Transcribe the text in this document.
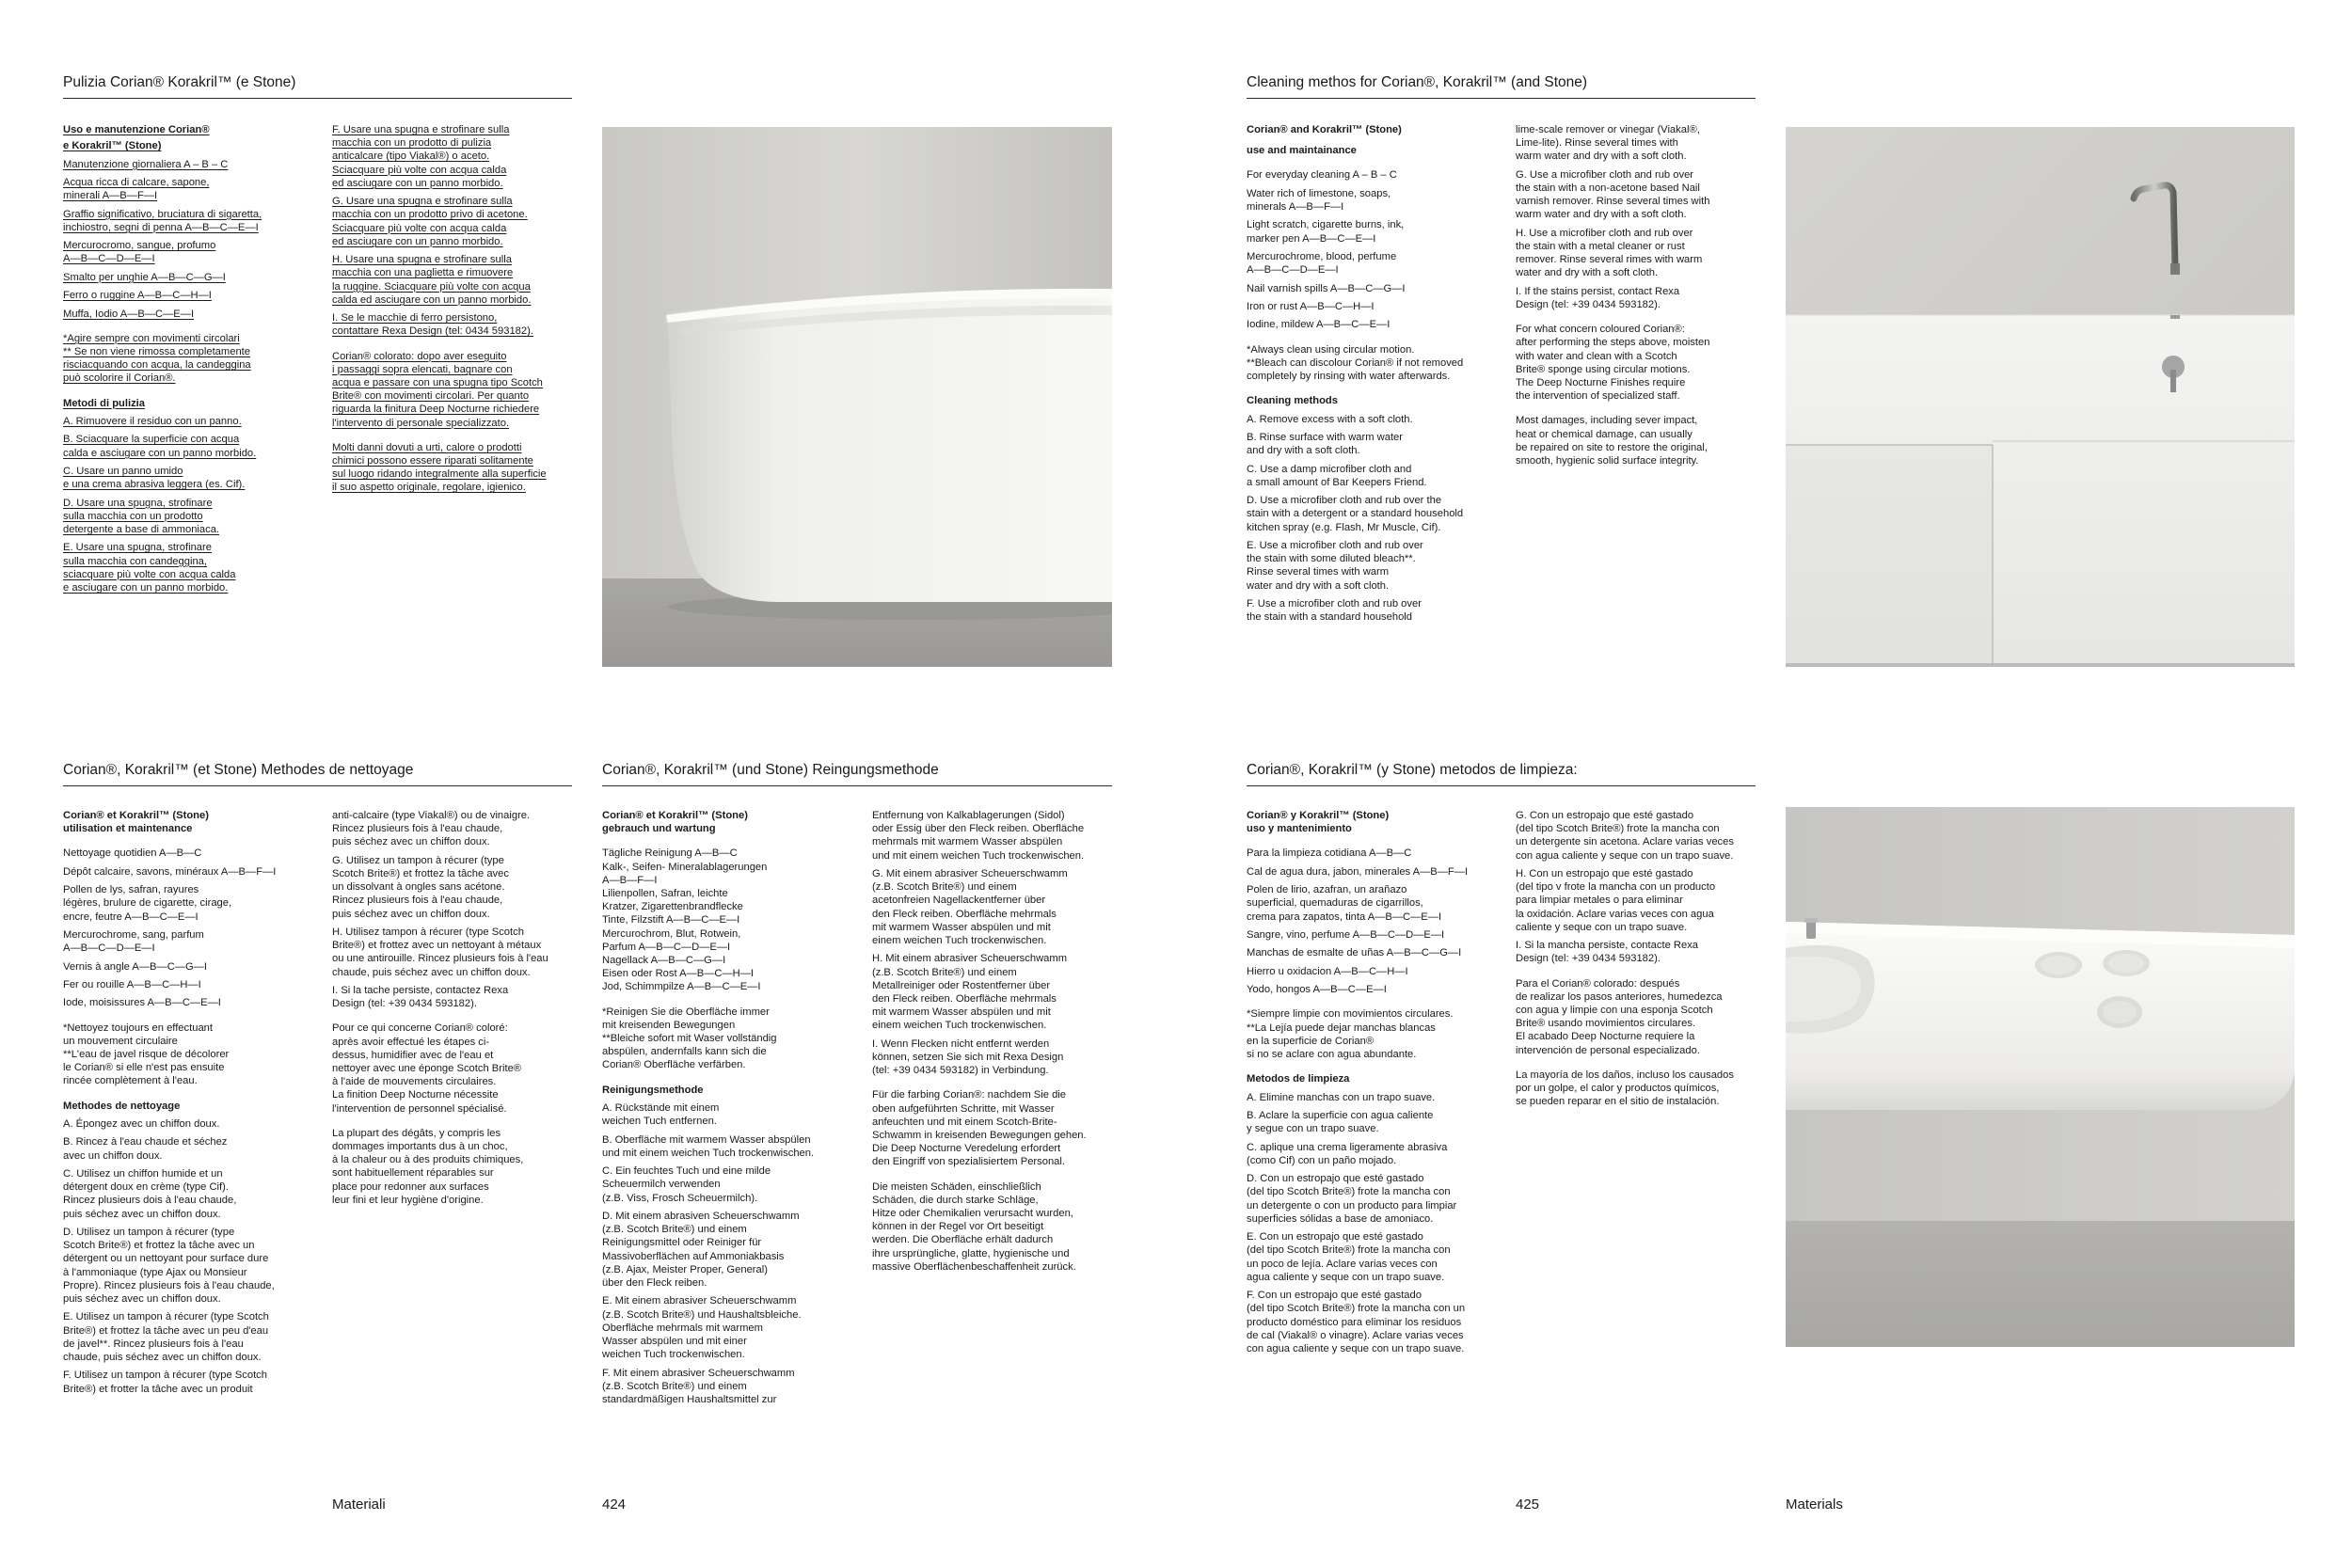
Pulizia Corian® Korakril™ (e Stone)

Uso e manutenzione Corian®

e Korakril™ (Stone)

Manutenzione giornaliera A – B – C

Acqua ricca di calcare, sapone,
minerali A—B—F—I

Graffio significativo, bruciatura di sigaretta,
inchiostro, segni di penna A—B—C—E—I

Mercurocromo, sangue, profumo
A—B—C—D—E—I

Smalto per unghie A—B—C—G—I

Ferro o ruggine A—B—C—H—I

Muffa, Iodio A—B—C—E—I

*Agire sempre con movimenti circolari
** Se non viene rimossa completamente
risciacquando con acqua, la candeggina
può scolorire il Corian®.

Metodi di pulizia

A. Rimuovere il residuo con un panno.

B. Sciacquare la superficie con acqua
calda e asciugare con un panno morbido.

C. Usare un panno umido
e una crema abrasiva leggera (es. Cif).

D. Usare una spugna, strofinare
sulla macchia con un prodotto
detergente a base di ammoniaca.

E. Usare una spugna, strofinare
sulla macchia con candeggina,
sciacquare più volte con acqua calda
e asciugare con un panno morbido.

F. Usare una spugna e strofinare sulla
macchia con un prodotto di pulizia
anticalcare (tipo Viakal®) o aceto.
Sciacquare più volte con acqua calda
ed asciugare con un panno morbido.

G. Usare una spugna e strofinare sulla
macchia con un prodotto privo di acetone.
Sciacquare più volte con acqua calda
ed asciugare con un panno morbido.

H. Usare una spugna e strofinare sulla
macchia con una paglietta e rimuovere
la ruggine. Sciacquare più volte con acqua
calda ed asciugare con un panno morbido.

I. Se le macchie di ferro persistono,
contattare Rexa Design (tel: 0434 593182).

Corian® colorato: dopo aver eseguito
i passaggi sopra elencati, bagnare con
acqua e passare con una spugna tipo Scotch
Brite® con movimenti circolari. Per quanto
riguarda la finitura Deep Nocturne richiedere
l'intervento di personale specializzato.

Molti danni dovuti a urti, calore o prodotti
chimici possono essere riparati solitamente
sul luogo ridando integralmente alla superficie
il suo aspetto originale, regolare, igienico.

Corian®, Korakril™ (et Stone) Methodes de nettoyage

Corian® et Korakril™ (Stone)
utilisation et maintenance

Nettoyage quotidien A—B—C

Dépôt calcaire, savons, minéraux A—B—F—I

Pollen de lys, safran, rayures
légères, brulure de cigarette, cirage,
encre, feutre A—B—C—E—I

Mercurochrome, sang, parfum
A—B—C—D—E—I

Vernis à angle A—B—C—G—I

Fer ou rouille A—B—C—H—I

Iode, moisissures A—B—C—E—I

*Nettoyez toujours en effectuant
un mouvement circulaire
**L'eau de javel risque de décolorer
le Corian® si elle n'est pas ensuite
rincée complètement à l'eau.

Methodes de nettoyage

A. Épongez avec un chiffon doux.

B. Rincez à l'eau chaude et séchez
avec un chiffon doux.

C. Utilisez un chiffon humide et un
détergent doux en crème (type Cif).
Rincez plusieurs dois à l'eau chaude,
puis séchez avec un chiffon doux.

D. Utilisez un tampon à récurer (type
Scotch Brite®) et frottez la tâche avec un
détergent ou un nettoyant pour surface dure
à l'ammoniaque (type Ajax ou Monsieur
Propre). Rincez plusieurs fois à l'eau chaude,
puis séchez avec un chiffon doux.

E. Utilisez un tampon à récurer (type Scotch
Brite®) et frottez la tâche avec un peu d'eau
de javel**. Rincez plusieurs fois à l'eau
chaude, puis séchez avec un chiffon doux.

F. Utilisez un tampon à récurer (type Scotch
Brite®) et frotter la tâche avec un produit

anti-calcaire (type Viakal®) ou de vinaigre.
Rincez plusieurs fois à l'eau chaude,
puis séchez avec un chiffon doux.

G. Utilisez un tampon à récurer (type
Scotch Brite®) et frottez la tâche avec
un dissolvant à ongles sans acétone.
Rincez plusieurs fois à l'eau chaude,
puis séchez avec un chiffon doux.

H. Utilisez tampon à récurer (type Scotch
Brite®) et frottez avec un nettoyant à métaux
ou une antirouille. Rincez plusieurs fois à l'eau
chaude, puis séchez avec un chiffon doux.

I. Si la tache persiste, contactez Rexa
Design (tel: +39 0434 593182).

Pour ce qui concerne Corian® coloré:
après avoir effectué les étapes ci-
dessus, humidifier avec de l'eau et
nettoyer avec une éponge Scotch Brite®
à l'aide de mouvements circulaires.
La finition Deep Nocturne nécessite
l'intervention de personnel spécialisé.

La plupart des dégâts, y compris les
dommages importants dus à un choc,
à la chaleur ou à des produits chimiques,
sont habituellement réparables sur
place pour redonner aux surfaces
leur fini et leur hygiène d'origine.

Corian®, Korakril™ (und Stone) Reingungsmethode

Corian® et Korakril™ (Stone)
gebrauch und wartung

Tägliche Reinigung A—B—C
Kalk-, Seifen- Mineralablagerungen
A—B—F—I
Lilienpollen, Safran, leichte
Kratzer, Zigarettenbrandflecke
Tinte, Filzstift A—B—C—E—I
Mercurochrom, Blut, Rotwein,
Parfum A—B—C—D—E—I
Nagellack A—B—C—G—I
Eisen oder Rost A—B—C—H—I
Jod, Schimmpilze A—B—C—E—I

*Reinigen Sie die Oberfläche immer
mit kreisenden Bewegungen
**Bleiche sofort mit Waser vollständig
abspülen, andernfalls kann sich die
Corian® Oberfläche verfärben.

Reinigungsmethode

A. Rückstände mit einem
weichen Tuch entfernen.

B. Oberfläche mit warmem Wasser abspülen
und mit einem weichen Tuch trockenwischen.

C. Ein feuchtes Tuch und eine milde
Scheuermilch verwenden
(z.B. Viss, Frosch Scheuermilch).

D. Mit einem abrasiven Scheuerschwamm
(z.B. Scotch Brite®) und einem
Reinigungsmittel oder Reiniger für
Massivoberflächen auf Ammoniakbasis
(z.B. Ajax, Meister Proper, General)
über den Fleck reiben.

E. Mit einem abrasiver Scheuerschwamm
(z.B. Scotch Brite®) und Haushaltsbleiche.
Oberfläche mehrmals mit warmem
Wasser abspülen und mit einer
weichen Tuch trockenwischen.

F. Mit einem abrasiver Scheuerschwamm
(z.B. Scotch Brite®) und einem
standardmäßigen Haushaltsmittel zur

Entfernung von Kalkablagerungen (Sidol)
oder Essig über den Fleck reiben. Oberfläche
mehrmals mit warmem Wasser abspülen
und mit einem weichen Tuch trockenwischen.

G. Mit einem abrasiver Scheuerschwamm
(z.B. Scotch Brite®) und einem
acetonfreien Nagellackentferner über
den Fleck reiben. Oberfläche mehrmals
mit warmem Wasser abspülen und mit
einem weichen Tuch trockenwischen.

H. Mit einem abrasiver Scheuerschwamm
(z.B. Scotch Brite®) und einem
Metallreiniger oder Rostentferner über
den Fleck reiben. Oberfläche mehrmals
mit warmem Wasser abspülen und mit
einem weichen Tuch trockenwischen.

I. Wenn Flecken nicht entfernt werden
können, setzen Sie sich mit Rexa Design
(tel: +39 0434 593182) in Verbindung.

Für die farbing Corian®: nachdem Sie die
oben aufgeführten Schritte, mit Wasser
anfeuchten und mit einem Scotch-Brite-
Schwamm in kreisenden Bewegungen gehen.
Die Deep Nocturne Veredelung erfordert
den Eingriff von spezialisiertem Personal.

Die meisten Schäden, einschließlich
Schäden, die durch starke Schläge,
Hitze oder Chemikalien verursacht wurden,
können in der Regel vor Ort beseitigt
werden. Die Oberfläche erhält dadurch
ihre ursprüngliche, glatte, hygienische und
massive Oberflächenbeschaffenheit zurück.

Materiali	424
Cleaning methos for Corian®, Korakril™ (and Stone)

Corian® and Korakril™ (Stone)

use and maintainance

For everyday cleaning A – B – C

Water rich of limestone, soaps,
minerals A—B—F—I

Light scratch, cigarette burns, ink,
marker pen A—B—C—E—I

Mercurochrome, blood, perfume
A—B—C—D—E—I

Nail varnish spills A—B—C—G—I

Iron or rust A—B—C—H—I

Iodine, mildew A—B—C—E—I

*Always clean using circular motion.
**Bleach can discolour Corian® if not removed
completely by rinsing with water afterwards.

Cleaning methods

A. Remove excess with a soft cloth.

B. Rinse surface with warm water
and dry with a soft cloth.

C. Use a damp microfiber cloth and
a small amount of Bar Keepers Friend.

D. Use a microfiber cloth and rub over the
stain with a detergent or a standard household
kitchen spray (e.g. Flash, Mr Muscle, Cif).

E. Use a microfiber cloth and rub over
the stain with some diluted bleach**.
Rinse several times with warm
water and dry with a soft cloth.

F. Use a microfiber cloth and rub over
the stain with a standard household

lime-scale remover or vinegar (Viakal®,
Lime-lite). Rinse several times with
warm water and dry with a soft cloth.

G. Use a microfiber cloth and rub over
the stain with a non-acetone based Nail
varnish remover. Rinse several times with
warm water and dry with a soft cloth.

H. Use a microfiber cloth and rub over
the stain with a metal cleaner or rust
remover. Rinse several rimes with warm
water and dry with a soft cloth.

I. If the stains persist, contact Rexa
Design (tel: +39 0434 593182).

For what concern coloured Corian®:
after performing the steps above, moisten
with water and clean with a Scotch
Brite® sponge using circular motions.
The Deep Nocturne Finishes require
the intervention of specialized staff.

Most damages, including sever impact,
heat or chemical damage, can usually
be repaired on site to restore the original,
smooth, hygienic solid surface integrity.

Corian®, Korakril™ (y Stone) metodos de limpieza:

Corian® y Korakril™ (Stone)
uso y mantenimiento

Para la limpieza cotidiana A—B—C

Cal de agua dura, jabon, minerales A—B—F—I

Polen de lirio, azafran, un arañazo
superficial, quemaduras de cigarrillos,
crema para zapatos, tinta A—B—C—E—I

Sangre, vino, perfume A—B—C—D—E—I

Manchas de esmalte de uñas A—B—C—G—I

Hierro u oxidacion A—B—C—H—I

Yodo, hongos A—B—C—E—I

*Siempre limpie con movimientos circulares.
**La Lejía puede dejar manchas blancas
en la superficie de Corian®
si no se aclare con agua abundante.

Metodos de limpieza

A. Elimine manchas con un trapo suave.

B. Aclare la superficie con agua caliente
y segue con un trapo suave.

C. aplique una crema ligeramente abrasiva
(como Cif) con un paño mojado.

D. Con un estropajo que esté gastado
(del tipo Scotch Brite®) frote la mancha con
un detergente o con un producto para limpiar
superficies sólidas a base de amoniaco.

E. Con un estropajo que esté gastado
(del tipo Scotch Brite®) frote la mancha con
un poco de lejía. Aclare varias veces con
agua caliente y seque con un trapo suave.

F. Con un estropajo que esté gastado
(del tipo Scotch Brite®) frote la mancha con un
producto doméstico para eliminar los residuos
de cal (Viakal® o vinagre). Aclare varias veces
con agua caliente y seque con un trapo suave.

G. Con un estropajo que esté gastado
(del tipo Scotch Brite®) frote la mancha con
un detergente sin acetona. Aclare varias veces
con agua caliente y seque con un trapo suave.

H. Con un estropajo que esté gastado
(del tipo v frote la mancha con un producto
para limpiar metales o para eliminar
la oxidación. Aclare varias veces con agua
caliente y seque con un trapo suave.

I. Si la mancha persiste, contacte Rexa
Design (tel: +39 0434 593182).

Para el Corian® colorado: después
de realizar los pasos anteriores, humedezca
con agua y limpie con una esponja Scotch
Brite® usando movimientos circulares.
El acabado Deep Nocturne requiere la
intervención de personal especializado.

La mayoría de los daños, incluso los causados
por un golpe, el calor y productos químicos,
se pueden reparar en el sitio de instalación.

425	Materials
